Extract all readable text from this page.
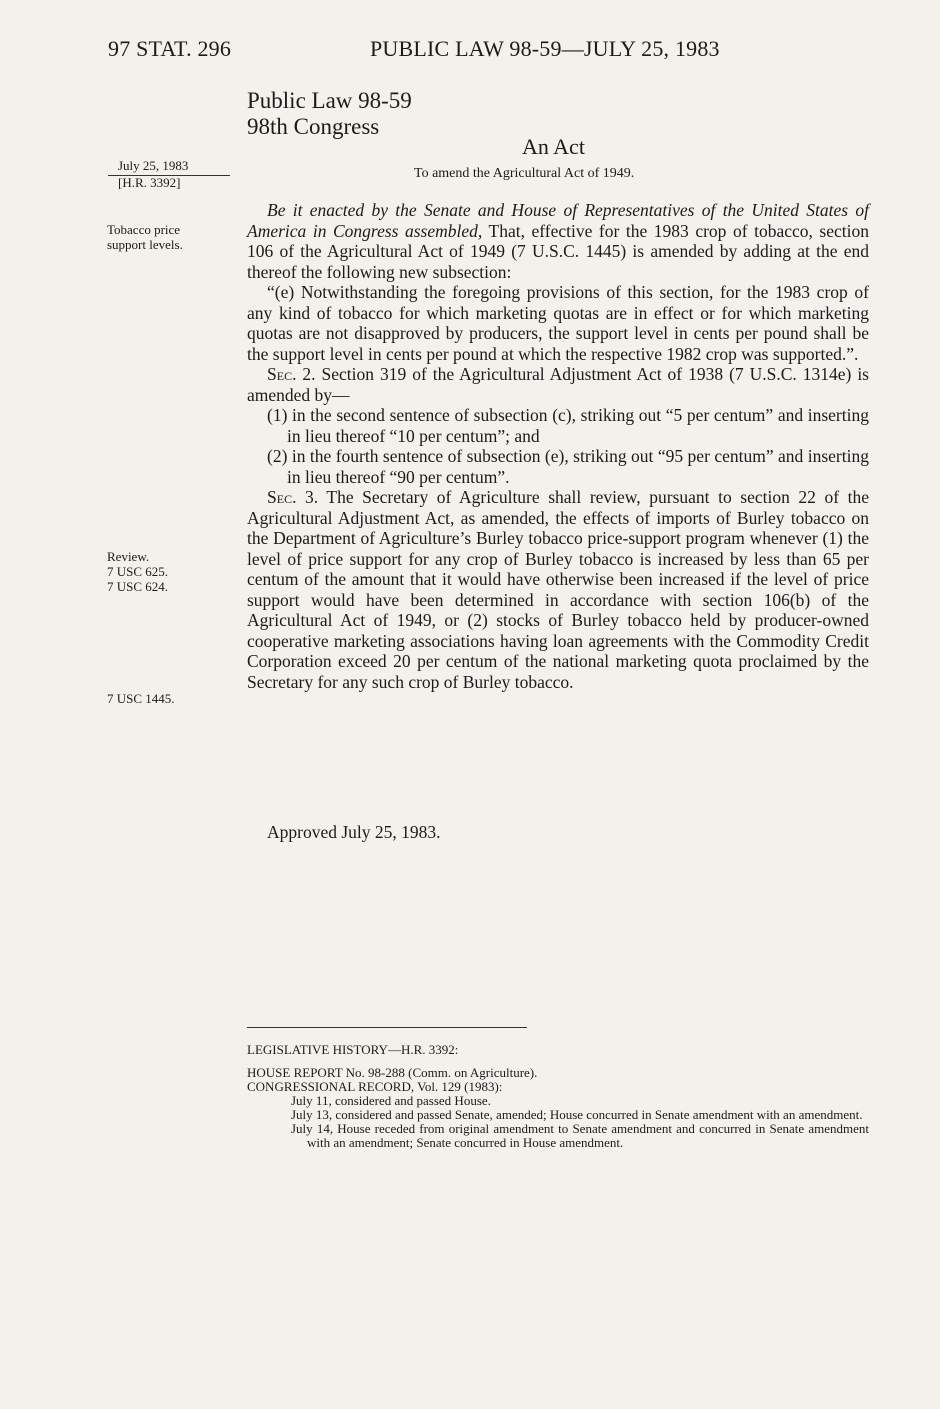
97 STAT. 296	PUBLIC LAW 98-59—JULY 25, 1983
Public Law 98-59
98th Congress
An Act
To amend the Agricultural Act of 1949.
July 25, 1983
[H.R. 3392]
Tobacco price
support levels.
Review.
7 USC 625.
7 USC 624.
7 USC 1445.

Be it enacted by the Senate and House of Representatives of the United States of America in Congress assembled, That, effective for the 1983 crop of tobacco, section 106 of the Agricultural Act of 1949 (7 U.S.C. 1445) is amended by adding at the end thereof the following new subsection:

“(e) Notwithstanding the foregoing provisions of this section, for the 1983 crop of any kind of tobacco for which marketing quotas are in effect or for which marketing quotas are not disapproved by producers, the support level in cents per pound shall be the support level in cents per pound at which the respective 1982 crop was supported.”.

Sec. 2. Section 319 of the Agricultural Adjustment Act of 1938 (7 U.S.C. 1314e) is amended by—

(1) in the second sentence of subsection (c), striking out “5 per centum” and inserting in lieu thereof “10 per centum”; and

(2) in the fourth sentence of subsection (e), striking out “95 per centum” and inserting in lieu thereof “90 per centum”.

Sec. 3. The Secretary of Agriculture shall review, pursuant to section 22 of the Agricultural Adjustment Act, as amended, the effects of imports of Burley tobacco on the Department of Agriculture’s Burley tobacco price-support program whenever (1) the level of price support for any crop of Burley tobacco is increased by less than 65 per centum of the amount that it would have otherwise been increased if the level of price support would have been determined in accordance with section 106(b) of the Agricultural Act of 1949, or (2) stocks of Burley tobacco held by producer-owned cooperative marketing associations having loan agreements with the Commodity Credit Corporation exceed 20 per centum of the national marketing quota proclaimed by the Secretary for any such crop of Burley tobacco.

Approved July 25, 1983.
LEGISLATIVE HISTORY—H.R. 3392:
HOUSE REPORT No. 98-288 (Comm. on Agriculture).
CONGRESSIONAL RECORD, Vol. 129 (1983):
July 11, considered and passed House.
July 13, considered and passed Senate, amended; House concurred in Senate amendment with an amendment.
July 14, House receded from original amendment to Senate amendment and concurred in Senate amendment with an amendment; Senate concurred in House amendment.
